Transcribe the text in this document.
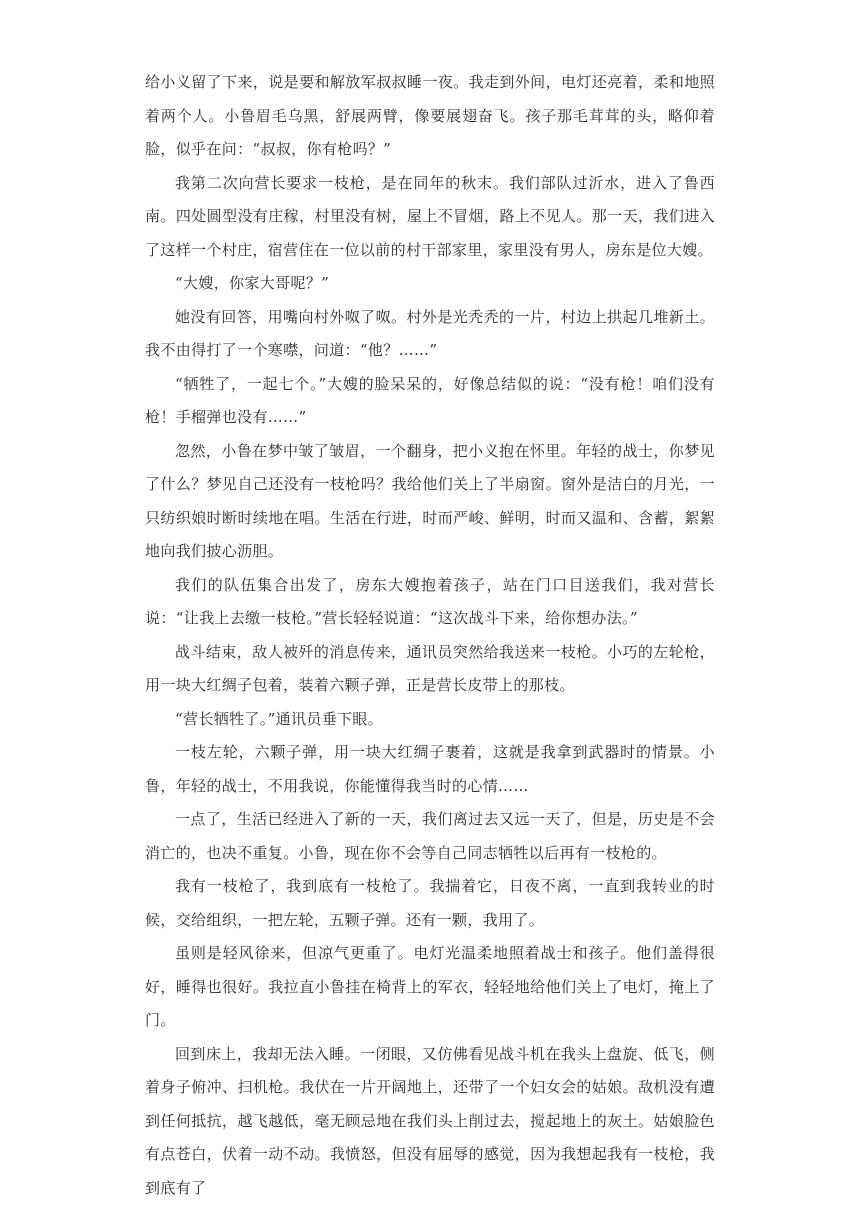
给小义留了下来，说是要和解放军叔叔睡一夜。我走到外间，电灯还亮着，柔和地照着两个人。小鲁眉毛乌黑，舒展两臂，像要展翅奋飞。孩子那毛茸茸的头，略仰着脸，似乎在问：“叔叔，你有枪吗？”

我第二次向营长要求一枝枪，是在同年的秋末。我们部队过沂水，进入了鲁西南。四处圆型没有庄稼，村里没有树，屋上不冒烟，路上不见人。那一天，我们进入了这样一个村庄，宿营住在一位以前的村干部家里，家里没有男人，房东是位大嫂。

“大嫂，你家大哥呢？”

她没有回答，用嘴向村外呶了呶。村外是光秃秃的一片，村边上拱起几堆新土。我不由得打了一个寒噤，问道：“他？……”

“牺牲了，一起七个。”大嫂的脸呆呆的，好像总结似的说：“没有枪！咱们没有枪！手榴弹也没有……”

忽然，小鲁在梦中皱了皱眉，一个翻身，把小义抱在怀里。年轻的战士，你梦见了什么？梦见自己还没有一枝枪吗？我给他们关上了半扇窗。窗外是洁白的月光，一只纺织娘时断时续地在唱。生活在行进，时而严峻、鲜明，时而又温和、含蓄，絮絮地向我们披心沥胆。

我们的队伍集合出发了，房东大嫂抱着孩子，站在门口目送我们，我对营长说：“让我上去缴一枝枪。”营长轻轻说道：“这次战斗下来，给你想办法。”

战斗结束，敌人被歼的消息传来，通讯员突然给我送来一枝枪。小巧的左轮枪，用一块大红绸子包着，装着六颗子弹，正是营长皮带上的那枝。

“营长牺牲了。”通讯员垂下眼。

一枝左轮，六颗子弹，用一块大红绸子裹着，这就是我拿到武器时的情景。小鲁，年轻的战士，不用我说，你能懂得我当时的心情……

一点了，生活已经进入了新的一天，我们离过去又远一天了，但是，历史是不会消亡的，也决不重复。小鲁，现在你不会等自己同志牺牲以后再有一枝枪的。

我有一枝枪了，我到底有一枝枪了。我揣着它，日夜不离，一直到我转业的时候，交给组织，一把左轮，五颗子弹。还有一颗，我用了。

虽则是轻风徐来，但凉气更重了。电灯光温柔地照着战士和孩子。他们盖得很好，睡得也很好。我拉直小鲁挂在椅背上的军衣，轻轻地给他们关上了电灯，掩上了门。

回到床上，我却无法入睡。一闭眼，又仿佛看见战斗机在我头上盘旋、低飞，侧着身子俯冲、扫机枪。我伏在一片开阔地上，还带了一个妇女会的姑娘。敌机没有遭到任何抵抗，越飞越低，毫无顾忌地在我们头上削过去，搅起地上的灰土。姑娘脸色有点苍白，伏着一动不动。我愤怒，但没有屈辱的感觉，因为我想起我有一枝枪，我到底有了
